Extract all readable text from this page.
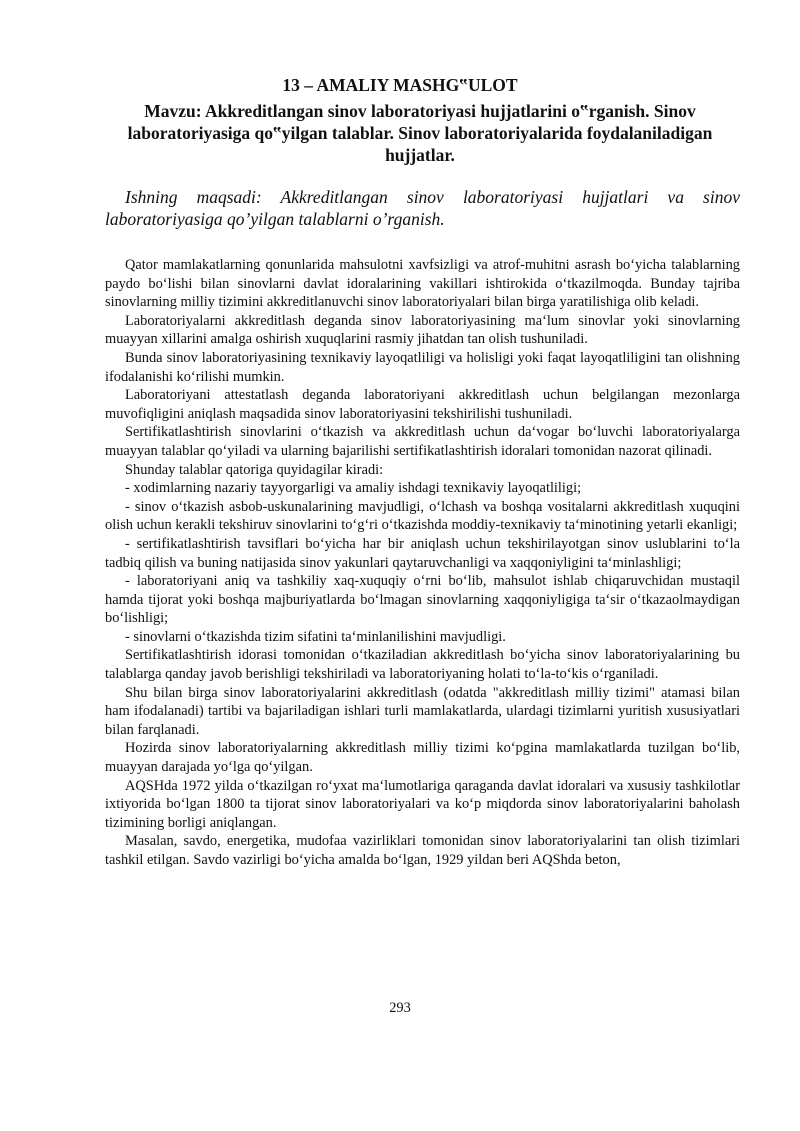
13 – AMALIY MASHG‟ULOT
Mavzu: Akkreditlangan sinov laboratoriyasi hujjatlarini o‟rganish. Sinov laboratoriyasiga qo‟yilgan talablar. Sinov laboratoriyalarida foydalaniladigan hujjatlar.

Ishning maqsadi: Akkreditlangan sinov laboratoriyasi hujjatlari va sinov laboratoriyasiga qo’yilgan talablarni o’rganish.

Qator mamlakatlarning qonunlarida mahsulotni xavfsizligi va atrof-muhitni asrash bo‘yicha talablarning paydo bo‘lishi bilan sinovlarni davlat idoralarining vakillari ishtirokida o‘tkazilmoqda. Bunday tajriba sinovlarning milliy tizimini akkreditlanuvchi sinov laboratoriyalari bilan birga yaratilishiga olib keladi.

Laboratoriyalarni akkreditlash deganda sinov laboratoriyasining ma‘lum sinovlar yoki sinovlarning muayyan xillarini amalga oshirish xuquqlarini rasmiy jihatdan tan olish tushuniladi.

Bunda sinov laboratoriyasining texnikaviy layoqatliligi va holisligi yoki faqat layoqatliligini tan olishning ifodalanishi ko‘rilishi mumkin.

Laboratoriyani attestatlash deganda laboratoriyani akkreditlash uchun belgilangan mezonlarga muvofiqligini aniqlash maqsadida sinov laboratoriyasini tekshirilishi tushuniladi.

Sertifikatlashtirish sinovlarini o‘tkazish va akkreditlash uchun da‘vogar bo‘luvchi laboratoriyalarga muayyan talablar qo‘yiladi va ularning bajarilishi sertifikatlashtirish idoralari tomonidan nazorat qilinadi.

Shunday talablar qatoriga quyidagilar kiradi:

- xodimlarning nazariy tayyorgarligi va amaliy ishdagi texnikaviy layoqatliligi;

- sinov o‘tkazish asbob-uskunalarining mavjudligi, o‘lchash va boshqa vositalarni akkreditlash xuquqini olish uchun kerakli tekshiruv sinovlarini to‘g‘ri o‘tkazishda moddiy-texnikaviy ta‘minotining yetarli ekanligi;

- sertifikatlashtirish tavsiflari bo‘yicha har bir aniqlash uchun tekshirilayotgan sinov uslublarini to‘la tadbiq qilish va buning natijasida sinov yakunlari qaytaruvchanligi va xaqqoniyligini ta‘minlashligi;

- laboratoriyani aniq va tashkiliy xaq-xuquqiy o‘rni bo‘lib, mahsulot ishlab chiqaruvchidan mustaqil hamda tijorat yoki boshqa majburiyatlarda bo‘lmagan sinovlarning xaqqoniyligiga ta‘sir o‘tkazaolmaydigan bo‘lishligi;

- sinovlarni o‘tkazishda tizim sifatini ta‘minlanilishini mavjudligi.

Sertifikatlashtirish idorasi tomonidan o‘tkaziladian akkreditlash bo‘yicha sinov laboratoriyalarining bu talablarga qanday javob berishligi tekshiriladi va laboratoriyaning holati to‘la-to‘kis o‘rganiladi.

Shu bilan birga sinov laboratoriyalarini akkreditlash (odatda "akkreditlash milliy tizimi" atamasi bilan ham ifodalanadi) tartibi va bajariladigan ishlari turli mamlakatlarda, ulardagi tizimlarni yuritish xususiyatlari bilan farqlanadi.

Hozirda sinov laboratoriyalarning akkreditlash milliy tizimi ko‘pgina mamlakatlarda tuzilgan bo‘lib, muayyan darajada yo‘lga qo‘yilgan.

AQSHda 1972 yilda o‘tkazilgan ro‘yxat ma‘lumotlariga qaraganda davlat idoralari va xususiy tashkilotlar ixtiyorida bo‘lgan 1800 ta tijorat sinov laboratoriyalari va ko‘p miqdorda sinov laboratoriyalarini baholash tizimining borligi aniqlangan.

Masalan, savdo, energetika, mudofaa vazirliklari tomonidan sinov laboratoriyalarini tan olish tizimlari tashkil etilgan. Savdo vazirligi bo‘yicha amalda bo‘lgan, 1929 yildan beri AQShda beton,

293
